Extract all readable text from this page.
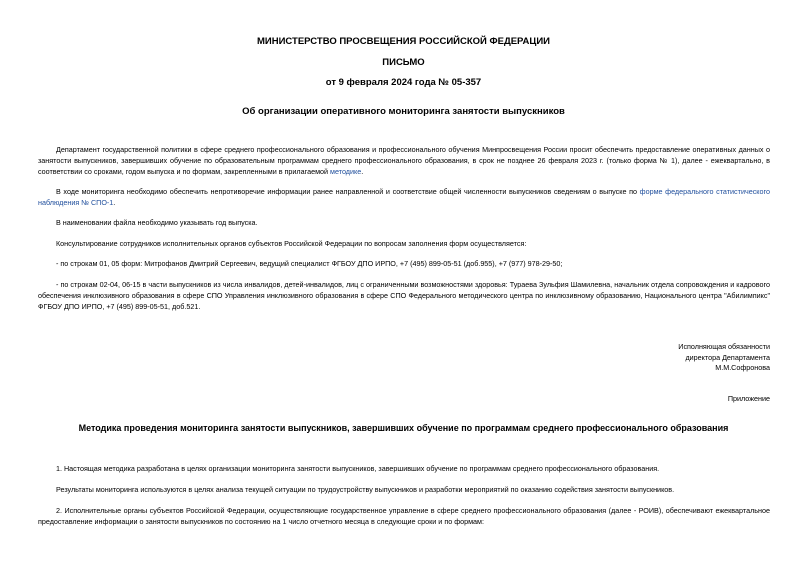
МИНИСТЕРСТВО ПРОСВЕЩЕНИЯ РОССИЙСКОЙ ФЕДЕРАЦИИ
ПИСЬМО
от 9 февраля 2024 года № 05-357
Об организации оперативного мониторинга занятости выпускников
Департамент государственной политики в сфере среднего профессионального образования и профессионального обучения Минпросвещения России просит обеспечить предоставление оперативных данных о занятости выпускников, завершивших обучение по образовательным программам среднего профессионального образования, в срок не позднее 26 февраля 2023 г. (только форма № 1), далее - ежеквартально, в соответствии со сроками, годом выпуска и по формам, закрепленными в прилагаемой методике.
В ходе мониторинга необходимо обеспечить непротиворечие информации ранее направленной и соответствие общей численности выпускников сведениям о выпуске по форме федерального статистического наблюдения № СПО-1.
В наименовании файла необходимо указывать год выпуска.
Консультирование сотрудников исполнительных органов субъектов Российской Федерации по вопросам заполнения форм осуществляется:
- по строкам 01, 05 форм: Митрофанов Дмитрий Сергеевич, ведущий специалист ФГБОУ ДПО ИРПО, +7 (495) 899-05-51 (доб.955), +7 (977) 978-29-50;
- по строкам 02-04, 06-15 в части выпускников из числа инвалидов, детей-инвалидов, лиц с ограниченными возможностями здоровья: Тураева Зульфия Шамилевна, начальник отдела сопровождения и кадрового обеспечения инклюзивного образования в сфере СПО Управления инклюзивного образования в сфере СПО Федерального методического центра по инклюзивному образованию, Национального центра "Абилимпикс" ФГБОУ ДПО ИРПО, +7 (495) 899-05-51, доб.521.
Исполняющая обязанности
директора Департамента
М.М.Софронова
Приложение
Методика проведения мониторинга занятости выпускников, завершивших обучение по программам среднего профессионального образования
1. Настоящая методика разработана в целях организации мониторинга занятости выпускников, завершивших обучение по программам среднего профессионального образования.
Результаты мониторинга используются в целях анализа текущей ситуации по трудоустройству выпускников и разработки мероприятий по оказанию содействия занятости выпускников.
2. Исполнительные органы субъектов Российской Федерации, осуществляющие государственное управление в сфере среднего профессионального образования (далее - РОИВ), обеспечивают ежеквартальное предоставление информации о занятости выпускников по состоянию на 1 число отчетного месяца в следующие сроки и по формам:
